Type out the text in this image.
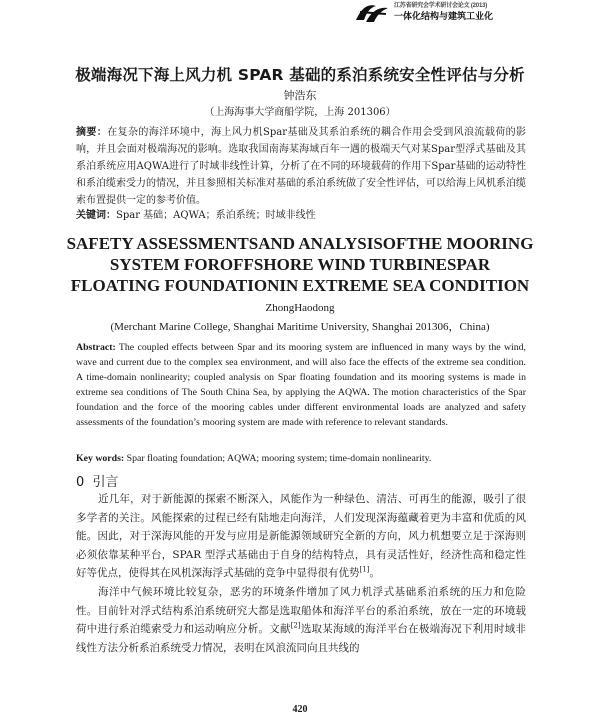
江苏省研究会学术研讨会论文 (2013)
一体化结构与建筑工业化
极端海况下海上风力机 SPAR 基础的系泊系统安全性评估与分析
钟浩东
（上海海事大学商船学院，上海 201306）
摘要：在复杂的海洋环境中，海上风力机Spar基础及其系泊系统的耦合作用会受到风浪流载荷的影响，并且会面对极端海况的影响。选取我国南海某海域百年一遇的极端天气对某Spar型浮式基础及其系泊系统应用AQWA进行了时域非线性计算，分析了在不同的环境载荷的作用下Spar基础的运动特性和系泊缆索受力的情况，并且参照相关标准对基础的系泊系统做了安全性评估，可以给海上风机系泊缆索布置提供一定的参考价值。
关键词：Spar 基础；AQWA；系泊系统；时域非线性
SAFETY ASSESSMENTSAND ANALYSISOFTHE MOORING
SYSTEM FOROFFSHORE WIND TURBINESPAR
FLOATING FOUNDATIONIN EXTREME SEA CONDITION
ZhongHaodong
(Merchant Marine College, Shanghai Maritime University, Shanghai 201306，China)
Abstract: The coupled effects between Spar and its mooring system are influenced in many ways by the wind, wave and current due to the complex sea environment, and will also face the effects of the extreme sea condition. A time-domain nonlinearity; coupled analysis on Spar floating foundation and its mooring systems is made in extreme sea conditions of The South China Sea, by applying the AQWA. The motion characteristics of the Spar foundation and the force of the mooring cables under different environmental loads are analyzed and safety assessments of the foundation’s mooring system are made with reference to relevant standards.
Key words: Spar floating foundation; AQWA; mooring system; time-domain nonlinearity.
0 引言

近几年，对于新能源的探索不断深入，风能作为一种绿色、清洁、可再生的能源，吸引了很多学者的关注。风能探索的过程已经有陆地走向海洋，人们发现深海蕴藏着更为丰富和优质的风能。因此，对于深海风能的开发与应用是新能源领域研究全新的方向，风力机想要立足于深海则必须依靠某种平台，SPAR 型浮式基础由于自身的结构特点，具有灵活性好，经济性高和稳定性好等优点，使得其在风机深海浮式基础的竞争中显得很有优势[1]。

海洋中气候环境比较复杂，恶劣的环境条件增加了风力机浮式基础系泊系统的压力和危险性。目前针对浮式结构系泊系统研究大都是选取船体和海洋平台的系泊系统，放在一定的环境载荷中进行系泊缆索受力和运动响应分析。文献[2]选取某海域的海洋平台在极端海况下利用时域非线性方法分析系泊系统受力情况，表明在风浪流同向且共线的

420
